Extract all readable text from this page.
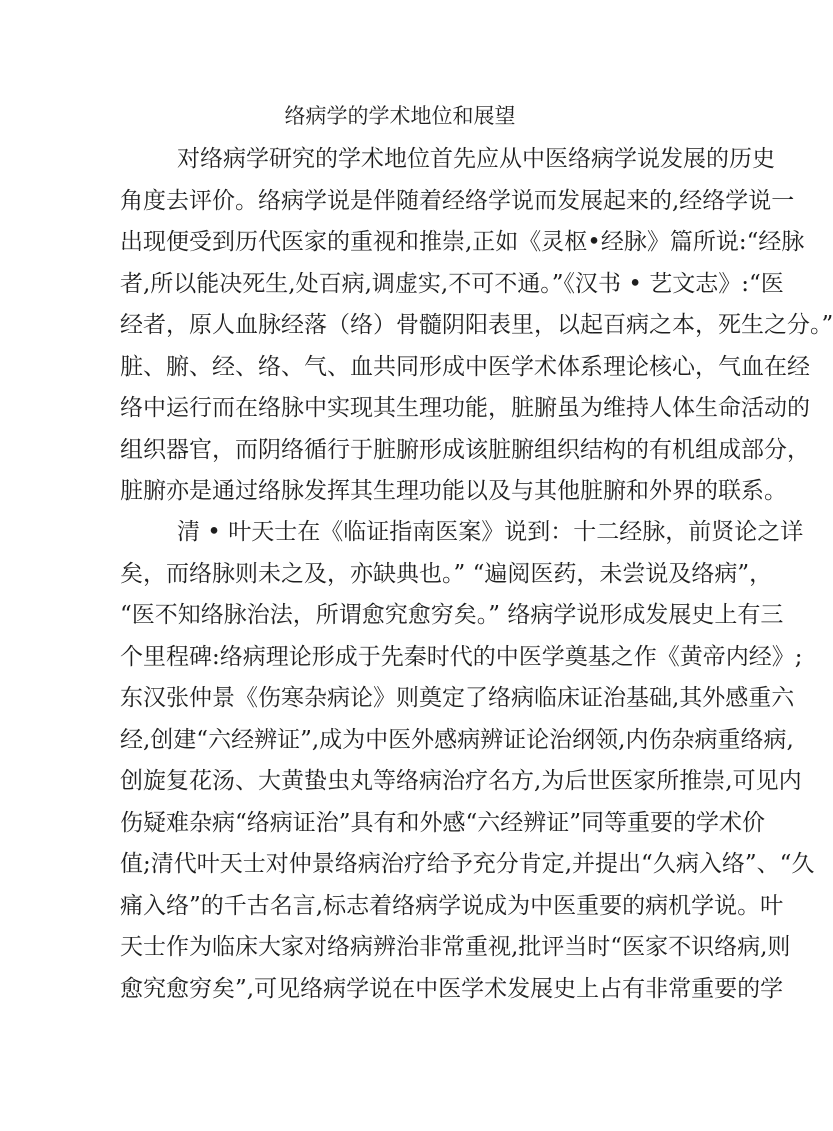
络病学的学术地位和展望
对络病学研究的学术地位首先应从中医络病学说发展的历史
角度去评价。络病学说是伴随着经络学说而发展起来的,经络学说一
出现便受到历代医家的重视和推崇,正如《灵枢•经脉》篇所说:“经脉
者,所以能决死生,处百病,调虚实,不可不通。”《汉书 • 艺文志》:“医
经者，原人血脉经落（络）骨髓阴阳表里，以起百病之本，死生之分。”
脏、腑、经、络、气、血共同形成中医学术体系理论核心，气血在经
络中运行而在络脉中实现其生理功能，脏腑虽为维持人体生命活动的
组织器官，而阴络循行于脏腑形成该脏腑组织结构的有机组成部分，
脏腑亦是通过络脉发挥其生理功能以及与其他脏腑和外界的联系。
清 • 叶天士在《临证指南医案》说到：十二经脉，前贤论之详
矣，而络脉则未之及，亦缺典也。” “遍阅医药，未尝说及络病”，
“医不知络脉治法，所谓愈究愈穷矣。” 络病学说形成发展史上有三
个里程碑:络病理论形成于先秦时代的中医学奠基之作《黄帝内经》;
东汉张仲景《伤寒杂病论》则奠定了络病临床证治基础,其外感重六
经,创建“六经辨证”,成为中医外感病辨证论治纲领,内伤杂病重络病,
创旋复花汤、大黄蛰虫丸等络病治疗名方,为后世医家所推崇,可见内
伤疑难杂病“络病证治”具有和外感“六经辨证”同等重要的学术价
值;清代叶天士对仲景络病治疗给予充分肯定,并提出“久病入络”、“久
痛入络”的千古名言,标志着络病学说成为中医重要的病机学说。叶
天士作为临床大家对络病辨治非常重视,批评当时“医家不识络病,则
愈究愈穷矣”,可见络病学说在中医学术发展史上占有非常重要的学
